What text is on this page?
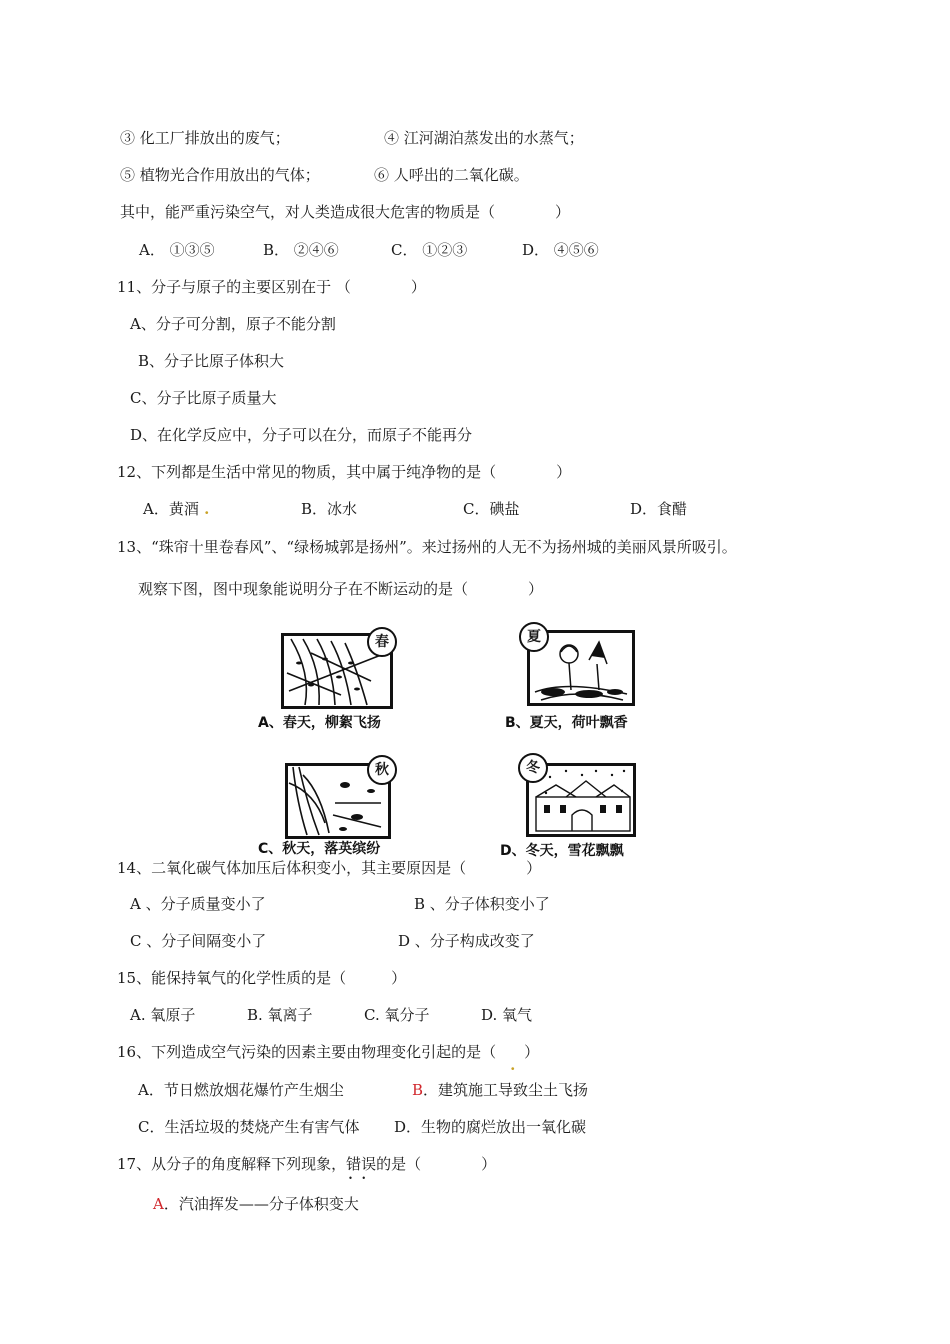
③ 化工厂排放出的废气；	④ 江河湖泊蒸发出的水蒸气；
⑤ 植物光合作用放出的气体；	⑥ 人呼出的二氧化碳。
其中，能严重污染空气，对人类造成很大危害的物质是（　　　　）
A． ①③⑤	B． ②④⑥	C． ①②③	D． ④⑤⑥
11、分子与原子的主要区别在于 （　　　　）
A、分子可分割，原子不能分割
B、分子比原子体积大
C、分子比原子质量大
D、在化学反应中，分子可以在分，而原子不能再分
12、下列都是生活中常见的物质，其中属于纯净物的是（　　　　）
A．黄酒 .	B．冰水	C．碘盐	D．食醋
13、“珠帘十里卷春风”、“绿杨城郭是扬州”。来过扬州的人无不为扬州城的美丽风景所吸引。
观察下图，图中现象能说明分子在不断运动的是（　　　　）
春
A、春天，柳絮飞扬
夏
B、夏天，荷叶飘香
秋
C、秋天，落英缤纷
冬
D、冬天，雪花飘飘
14、二氧化碳气体加压后体积变小，其主要原因是（　　　　）
A 、分子质量变小了	B 、分子体积变小了
C 、分子间隔变小了	D 、分子构成改变了
15、能保持氧气的化学性质的是（　　　）
A. 氧原子	B. 氧离子	C. 氧分子	D. 氧气
16、下列造成空气污染的因素主要由物理变化引起的是（
.
）
A．节日燃放烟花爆竹产生烟尘	B．建筑施工导致尘土飞扬
C．生活垃圾的焚烧产生有害气体 D．生物的腐烂放出一氧化碳
17、从分子的角度解释下列现象，错误 • •的是（　　　　）
A．汽油挥发——分子体积变大
